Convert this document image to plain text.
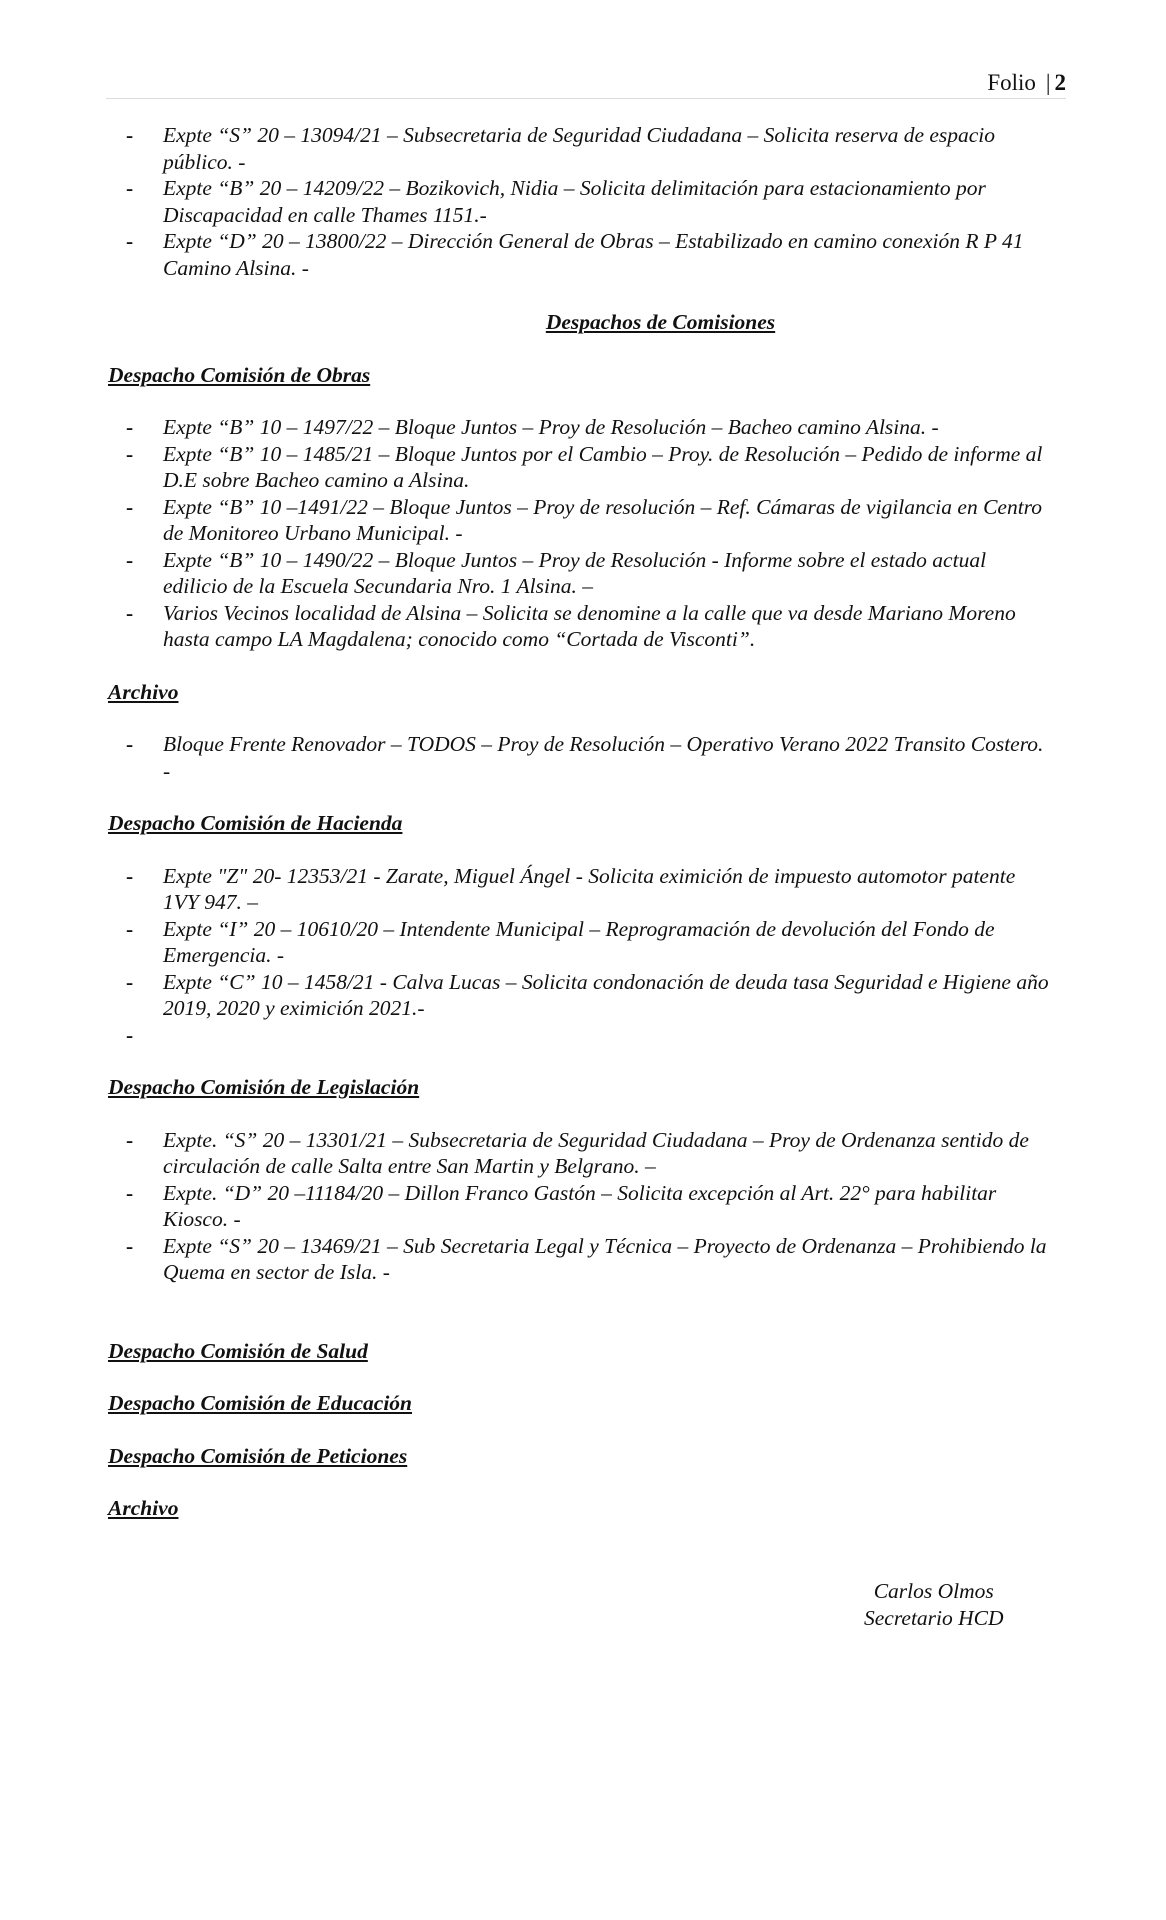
Folio | 2
- Expte “S” 20 – 13094/21 – Subsecretaria de Seguridad Ciudadana – Solicita reserva de espacio público. -
- Expte “B” 20 – 14209/22 – Bozikovich, Nidia – Solicita delimitación para estacionamiento por Discapacidad en calle Thames 1151.-
- Expte “D” 20 – 13800/22 – Dirección General de Obras – Estabilizado en camino conexión R P 41 Camino Alsina. -
Despachos de Comisiones
Despacho Comisión de Obras
- Expte “B” 10 – 1497/22 – Bloque Juntos – Proy de Resolución – Bacheo camino Alsina. -
- Expte “B” 10 – 1485/21 – Bloque Juntos por el Cambio – Proy. de Resolución – Pedido de informe al D.E sobre Bacheo camino a Alsina.
- Expte “B” 10 –1491/22 – Bloque Juntos – Proy de resolución – Ref. Cámaras de vigilancia en Centro de Monitoreo Urbano Municipal. -
- Expte “B” 10 – 1490/22 – Bloque Juntos – Proy de Resolución - Informe sobre el estado actual edilicio de la Escuela Secundaria Nro. 1 Alsina. –
- Varios Vecinos localidad de Alsina – Solicita se denomine a la calle que va desde Mariano Moreno hasta campo LA Magdalena; conocido como “Cortada de Visconti”.
Archivo
- Bloque Frente Renovador – TODOS – Proy de Resolución – Operativo Verano 2022 Transito Costero. -
Despacho Comisión de Hacienda
- Expte "Z" 20- 12353/21 - Zarate, Miguel Ángel - Solicita eximición de impuesto automotor patente 1VY 947. –
- Expte “I” 20 – 10610/20 – Intendente Municipal – Reprogramación de devolución del Fondo de Emergencia. -
- Expte “C” 10 – 1458/21 - Calva Lucas – Solicita condonación de deuda tasa Seguridad e Higiene año 2019, 2020 y eximición 2021.-
-

Despacho Comisión de Legislación
- Expte. “S” 20 – 13301/21 – Subsecretaria de Seguridad Ciudadana – Proy de Ordenanza sentido de circulación de calle Salta entre San Martin y Belgrano. –
- Expte. “D” 20 –11184/20 – Dillon Franco Gastón – Solicita excepción al Art. 22° para habilitar Kiosco. -
- Expte “S” 20 – 13469/21 – Sub Secretaria Legal y Técnica – Proyecto de Ordenanza – Prohibiendo la Quema en sector de Isla. -
Despacho Comisión de Salud
Despacho Comisión de Educación
Despacho Comisión de Peticiones
Archivo
Carlos Olmos
Secretario HCD
